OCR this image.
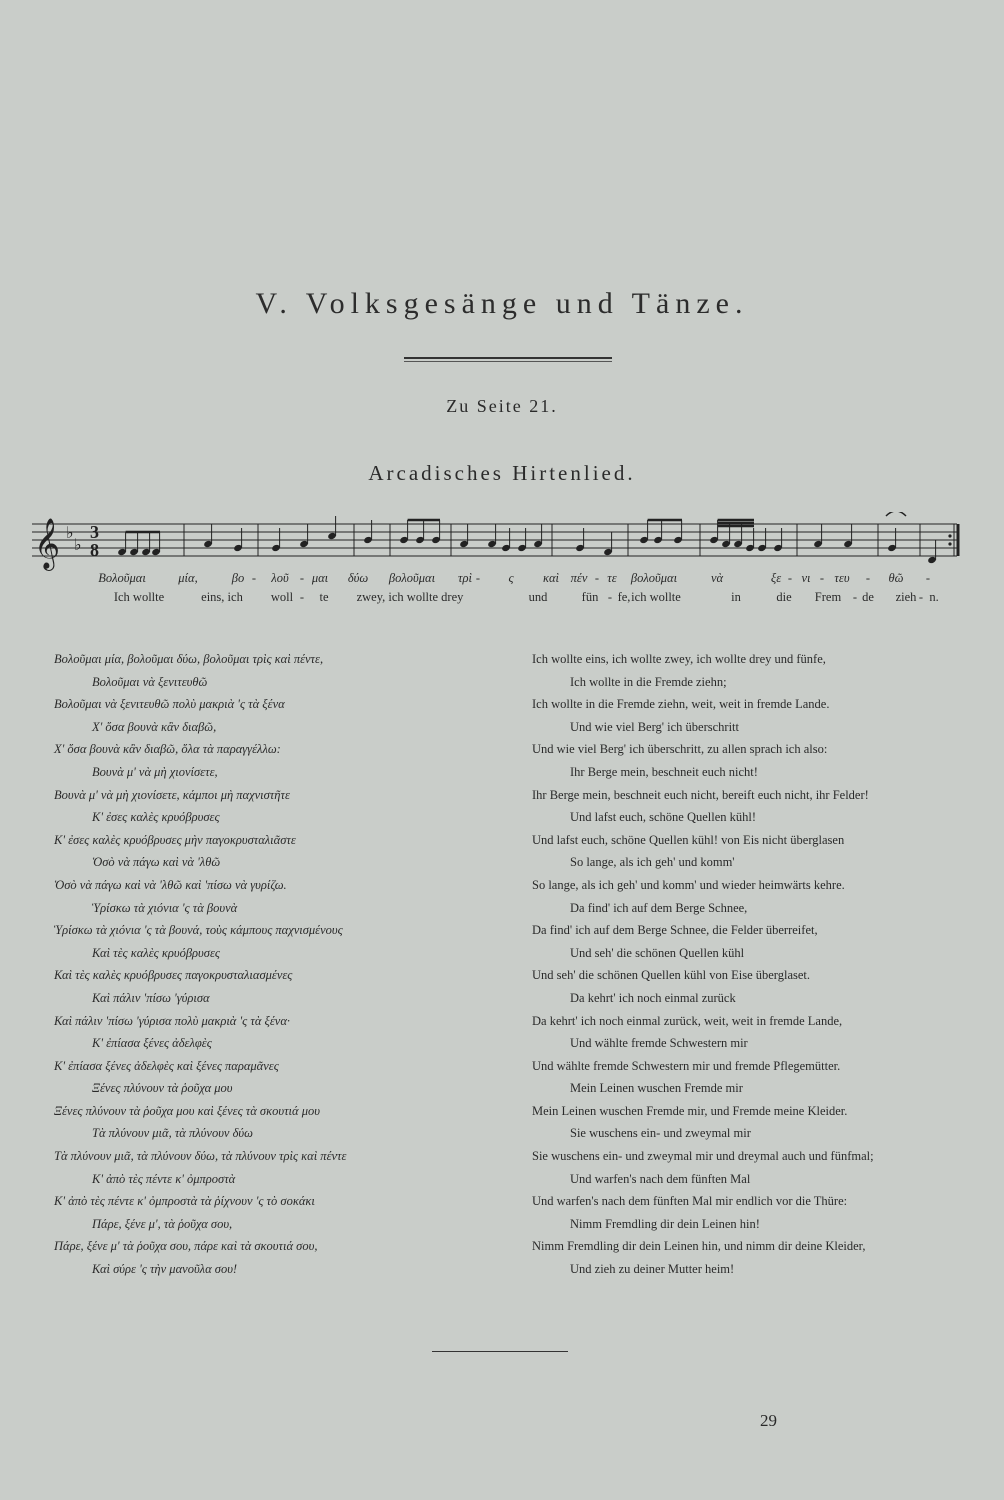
V. Volksgesänge und Tänze.
Zu Seite 21.
Arcadisches Hirtenlied.
𝄞 ♭
♭
3
8
Βολοῦμαι	μία,	βο - λοῦ - μαι δύω βολοῦμαι τρὶ - ς καὶ πέν - τε βολοῦμαι	νὰ	ξε - νι - τευ - θῶ -
Ich wollte	eins, ich woll - te zwey, ich wollte drey	und	fün - fe, ich wollte	in	die Frem - de zieh - n.
Βολοῦμαι μία, βολοῦμαι δύω, βολοῦμαι τρὶς καὶ πέντε,
Βολοῦμαι νὰ ξενιτευθῶ
Βολοῦμαι νὰ ξενιτευθῶ πολὺ μακριὰ 'ς τὰ ξένα
Χ' ὅσα βουνὰ κἂν διαβῶ,
Χ' ὅσα βουνὰ κἂν διαβῶ, ὅλα τὰ παραγγέλλω:
Βουνὰ μ' νὰ μὴ χιονίσετε,
Βουνὰ μ' νὰ μὴ χιονίσετε, κάμποι μὴ παχνιστῆτε
Κ' ἐσες καλὲς κρυόβρυσες
Κ' ἐσες καλὲς κρυόβρυσες μὴν παγοκρυσταλιᾶστε
Ὁσὸ νὰ πάγω καὶ νὰ 'λθῶ
Ὁσὸ νὰ πάγω καὶ νὰ 'λθῶ καὶ 'πίσω νὰ γυρίζω.
Ὑρίσκω τὰ χιόνια 'ς τὰ βουνὰ
Ὑρίσκω τὰ χιόνια 'ς τὰ βουνά, τοὺς κάμπους παχνισμένους
Καὶ τὲς καλὲς κρυόβρυσες
Καὶ τὲς καλὲς κρυόβρυσες παγοκρυσταλιασμένες
Καὶ πάλιν 'πίσω 'γύρισα
Καὶ πάλιν 'πίσω 'γύρισα πολὺ μακριὰ 'ς τὰ ξένα·
Κ' ἐπίασα ξένες ἀδελφὲς
Κ' ἐπίασα ξένες ἀδελφὲς καὶ ξένες παραμᾶνες
Ξένες πλύνουν τὰ ῥοῦχα μου
Ξένες πλύνουν τὰ ῥοῦχα μου καὶ ξένες τὰ σκουτιά μου
Τὰ πλύνουν μιᾶ, τὰ πλύνουν δύω
Τὰ πλύνουν μιᾶ, τὰ πλύνουν δύω, τὰ πλύνουν τρὶς καὶ πέντε
Κ' ἀπὸ τὲς πέντε κ' ὀμπροστὰ
Κ' ἀπὸ τὲς πέντε κ' ὀμπροστὰ τὰ ῥίχνουν 'ς τὸ σοκάκι
Πάρε, ξένε μ', τὰ ῥοῦχα σου,
Πάρε, ξένε μ' τὰ ῥοῦχα σου, πάρε καὶ τὰ σκουτιά σου,
Καὶ σύρε 'ς τὴν μανοῦλα σου!
Ich wollte eins, ich wollte zwey, ich wollte drey und fünfe,
Ich wollte in die Fremde ziehn;
Ich wollte in die Fremde ziehn, weit, weit in fremde Lande.
Und wie viel Berg' ich überschritt
Und wie viel Berg' ich überschritt, zu allen sprach ich also:
Ihr Berge mein, beschneit euch nicht!
Ihr Berge mein, beschneit euch nicht, bereift euch nicht, ihr Felder!
Und lafst euch, schöne Quellen kühl!
Und lafst euch, schöne Quellen kühl! von Eis nicht überglasen
So lange, als ich geh' und komm'
So lange, als ich geh' und komm' und wieder heimwärts kehre.
Da find' ich auf dem Berge Schnee,
Da find' ich auf dem Berge Schnee, die Felder überreifet,
Und seh' die schönen Quellen kühl
Und seh' die schönen Quellen kühl von Eise überglaset.
Da kehrt' ich noch einmal zurück
Da kehrt' ich noch einmal zurück, weit, weit in fremde Lande,
Und wählte fremde Schwestern mir
Und wählte fremde Schwestern mir und fremde Pflegemütter.
Mein Leinen wuschen Fremde mir
Mein Leinen wuschen Fremde mir, und Fremde meine Kleider.
Sie wuschens ein- und zweymal mir
Sie wuschens ein- und zweymal mir und dreymal auch und fünfmal;
Und warfen's nach dem fünften Mal
Und warfen's nach dem fünften Mal mir endlich vor die Thüre:
Nimm Fremdling dir dein Leinen hin!
Nimm Fremdling dir dein Leinen hin, und nimm dir deine Kleider,
Und zieh zu deiner Mutter heim!
29
